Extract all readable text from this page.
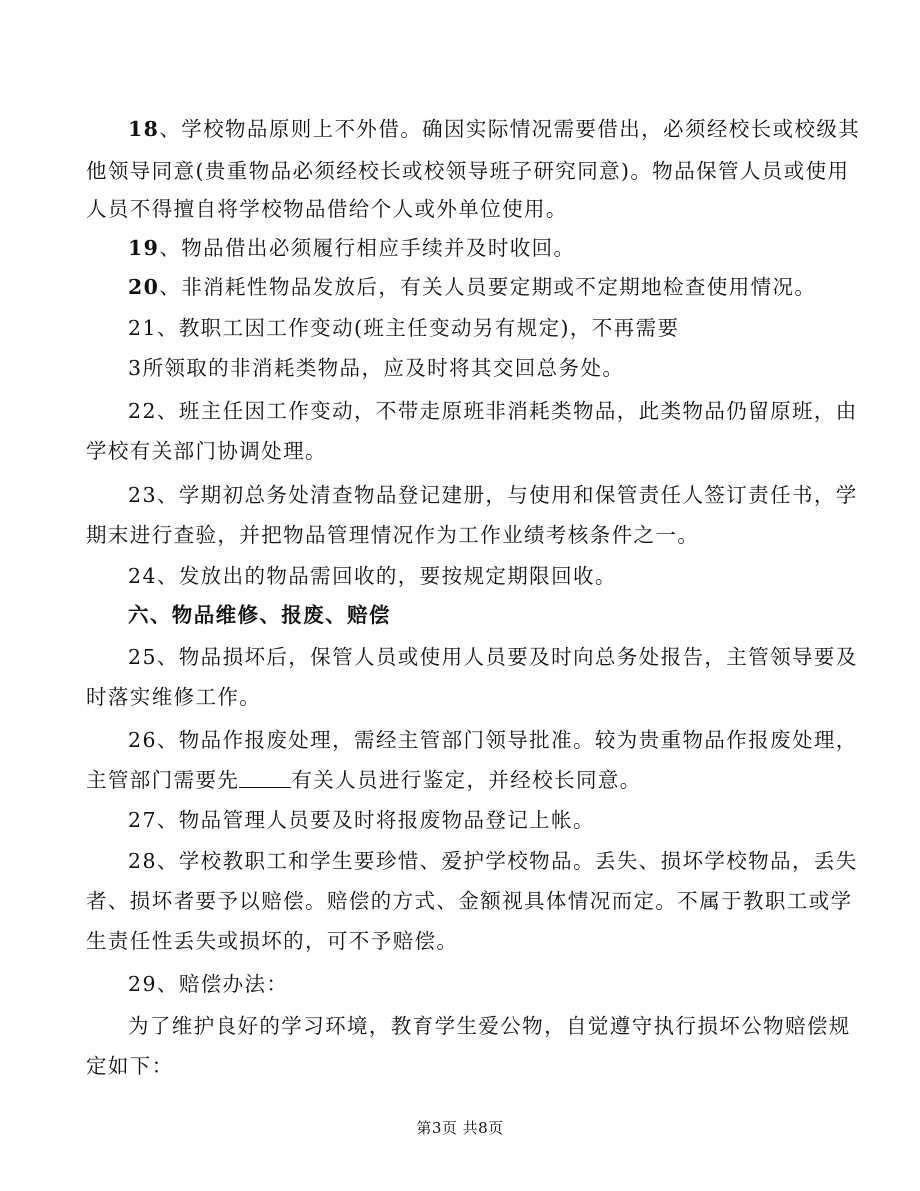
18、学校物品原则上不外借。确因实际情况需要借出，必须经校长或校级其
他领导同意(贵重物品必须经校长或校领导班子研究同意)。物品保管人员或使用
人员不得擅自将学校物品借给个人或外单位使用。
19、物品借出必须履行相应手续并及时收回。
20、非消耗性物品发放后，有关人员要定期或不定期地检查使用情况。
21、教职工因工作变动(班主任变动另有规定)，不再需要
3所领取的非消耗类物品，应及时将其交回总务处。
22、班主任因工作变动，不带走原班非消耗类物品，此类物品仍留原班，由
学校有关部门协调处理。
23、学期初总务处清查物品登记建册，与使用和保管责任人签订责任书，学
期末进行查验，并把物品管理情况作为工作业绩考核条件之一。
24、发放出的物品需回收的，要按规定期限回收。
六、物品维修、报废、赔偿
25、物品损坏后，保管人员或使用人员要及时向总务处报告，主管领导要及
时落实维修工作。
26、物品作报废处理，需经主管部门领导批准。较为贵重物品作报废处理，
主管部门需要先	有关人员进行鉴定，并经校长同意。
27、物品管理人员要及时将报废物品登记上帐。
28、学校教职工和学生要珍惜、爱护学校物品。丢失、损坏学校物品，丢失
者、损坏者要予以赔偿。赔偿的方式、金额视具体情况而定。不属于教职工或学
生责任性丢失或损坏的，可不予赔偿。
29、赔偿办法：
为了维护良好的学习环境，教育学生爱公物，自觉遵守执行损坏公物赔偿规
定如下：
第3页 共8页
